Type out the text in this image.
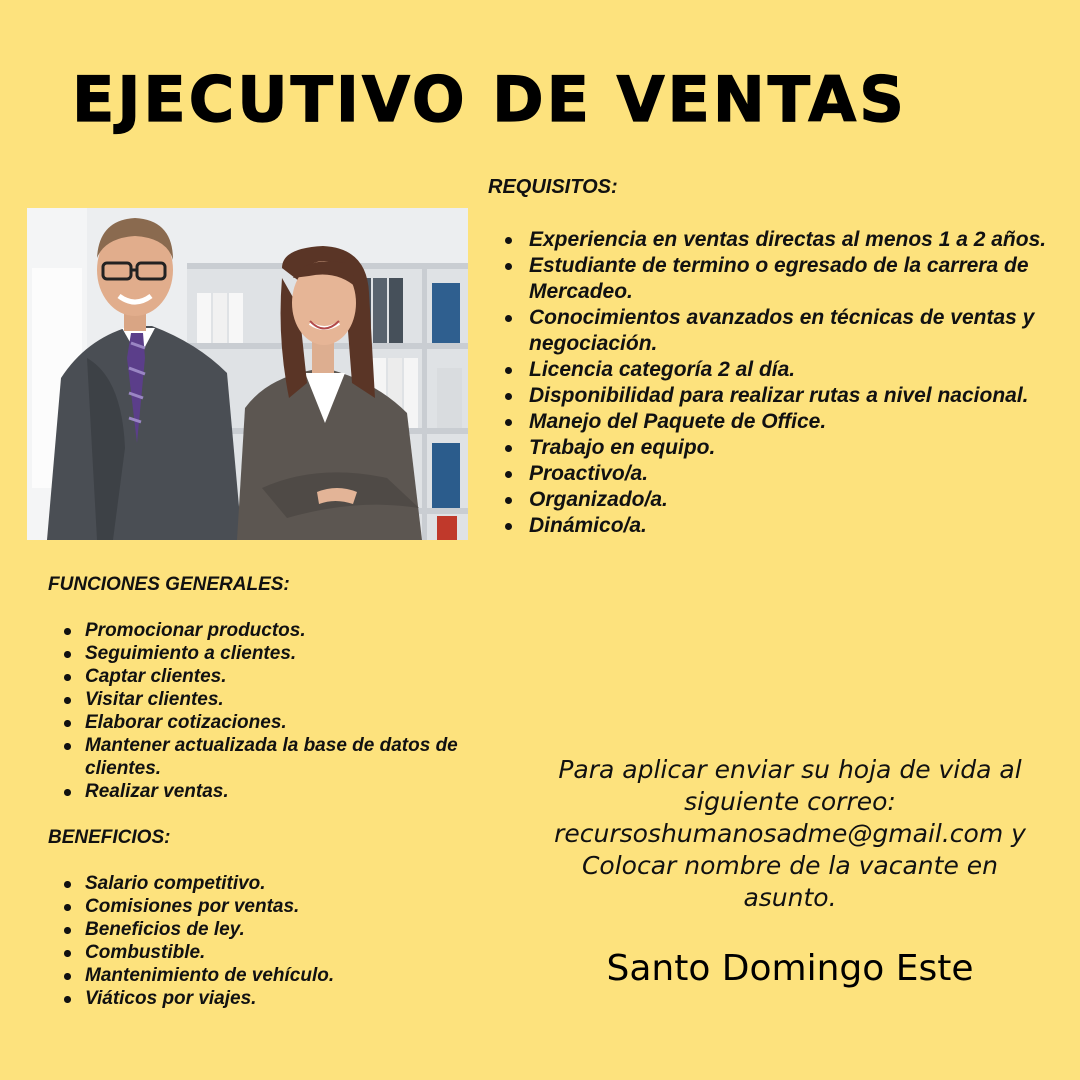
EJECUTIVO DE VENTAS

REQUISITOS:

Experiencia en ventas directas al menos 1 a 2 años.
Estudiante de termino o egresado de la carrera de Mercadeo.
Conocimientos avanzados en técnicas de ventas y negociación.
Licencia categoría 2 al día.
Disponibilidad para realizar rutas a nivel nacional.
Manejo del Paquete de Office.
Trabajo en equipo.
Proactivo/a.
Organizado/a.
Dinámico/a.

FUNCIONES GENERALES:

Promocionar productos.
Seguimiento a clientes.
Captar clientes.
Visitar clientes.
Elaborar cotizaciones.
Mantener actualizada la base de datos de clientes.
Realizar ventas.

BENEFICIOS:

Salario competitivo.
Comisiones por ventas.
Beneficios de ley.
Combustible.
Mantenimiento de vehículo.
Viáticos por viajes.

Para aplicar enviar su hoja de vida al
siguiente correo:
recursoshumanosadme@gmail.com y
Colocar nombre de la vacante en
asunto.

Santo Domingo Este
